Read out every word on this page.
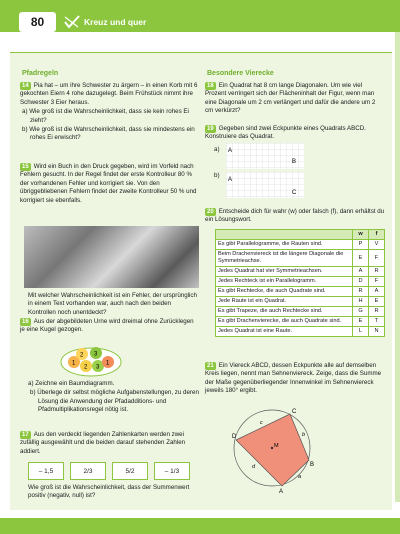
80	Kreuz und quer
Pfadregeln

14 Pia hat – um ihre Schwester zu ärgern – in einen Korb mit 6 gekochten Eiern 4 rohe dazugelegt. Beim Frühstück nimmt ihre Schwester 3 Eier heraus.

a) Wie groß ist die Wahrscheinlichkeit, dass sie kein rohes Ei zieht?

b) Wie groß ist die Wahrscheinlichkeit, dass sie mindestens ein rohes Ei erwischt?

15 Wird ein Buch in den Druck gegeben, wird im Vorfeld nach Fehlern gesucht. In der Regel findet der erste Kontrolleur 80 % der vorhandenen Fehler und korrigiert sie. Von den übriggebliebenen Fehlern findet der zweite Kontrolleur 50 % und korrigiert sie ebenfalls.

Mit welcher Wahrscheinlichkeit ist ein Fehler, der ursprünglich in einem Text vorhanden war, auch nach den beiden Kontrollen noch unentdeckt?

16 Aus der abgebildeten Urne wird dreimal ohne Zurücklegen je eine Kugel gezogen.

1
2 3
1
2 3

a) Zeichne ein Baumdiagramm.

b) Überlege dir selbst mögliche Aufgabenstellungen, zu deren Lösung die Anwendung der Pfadadditions- und Pfadmultiplikationsregel nötig ist.

17 Aus den verdeckt liegenden Zahlenkarten werden zwei zufällig ausgewählt und die beiden darauf stehenden Zahlen addiert.

– 1,5	2/3	5/2	– 1/3

Wie groß ist die Wahrscheinlichkeit, dass der Summenwert positiv (negativ, null) ist?

Besondere Vierecke

18 Ein Quadrat hat 8 cm lange Diagonalen. Um wie viel Prozent verringert sich der Flächeninhalt der Figur, wenn man eine Diagonale um 2 cm verlängert und dafür die andere um 2 cm verkürzt?

19 Gegeben sind zwei Eckpunkte eines Quadrats ABCD. Konstruiere das Quadrat.

a) A
B
b)
A
C

20 Entscheide dich für wahr (w) oder falsch (f), dann erhältst du ein Lösungswort.

	w	f
Es gibt Parallelogramme, die Rauten sind.	P	V
Beim Drachenviereck ist die längere Diagonale die Symmetrieachse.	E	F
Jedes Quadrat hat vier Symmetrieachsen.	A	R
Jedes Rechteck ist ein Parallelogramm.	D	F
Es gibt Rechtecke, die auch Quadrate sind.	R	A
Jede Raute ist ein Quadrat.	H	E
Es gibt Trapeze, die auch Rechtecke sind.	G	R
Es gibt Drachenvierecke, die auch Quadrate sind.	E	T
Jedes Quadrat ist eine Raute.	L	N

21 Ein Viereck ABCD, dessen Eckpunkte alle auf demselben Kreis liegen, nennt man Sehnenviereck. Zeige, dass die Summe der Maße gegenüberliegender Innenwinkel im Sehnenviereck jeweils 180° ergibt.

A
B
C
D
M
a
b
c
d
